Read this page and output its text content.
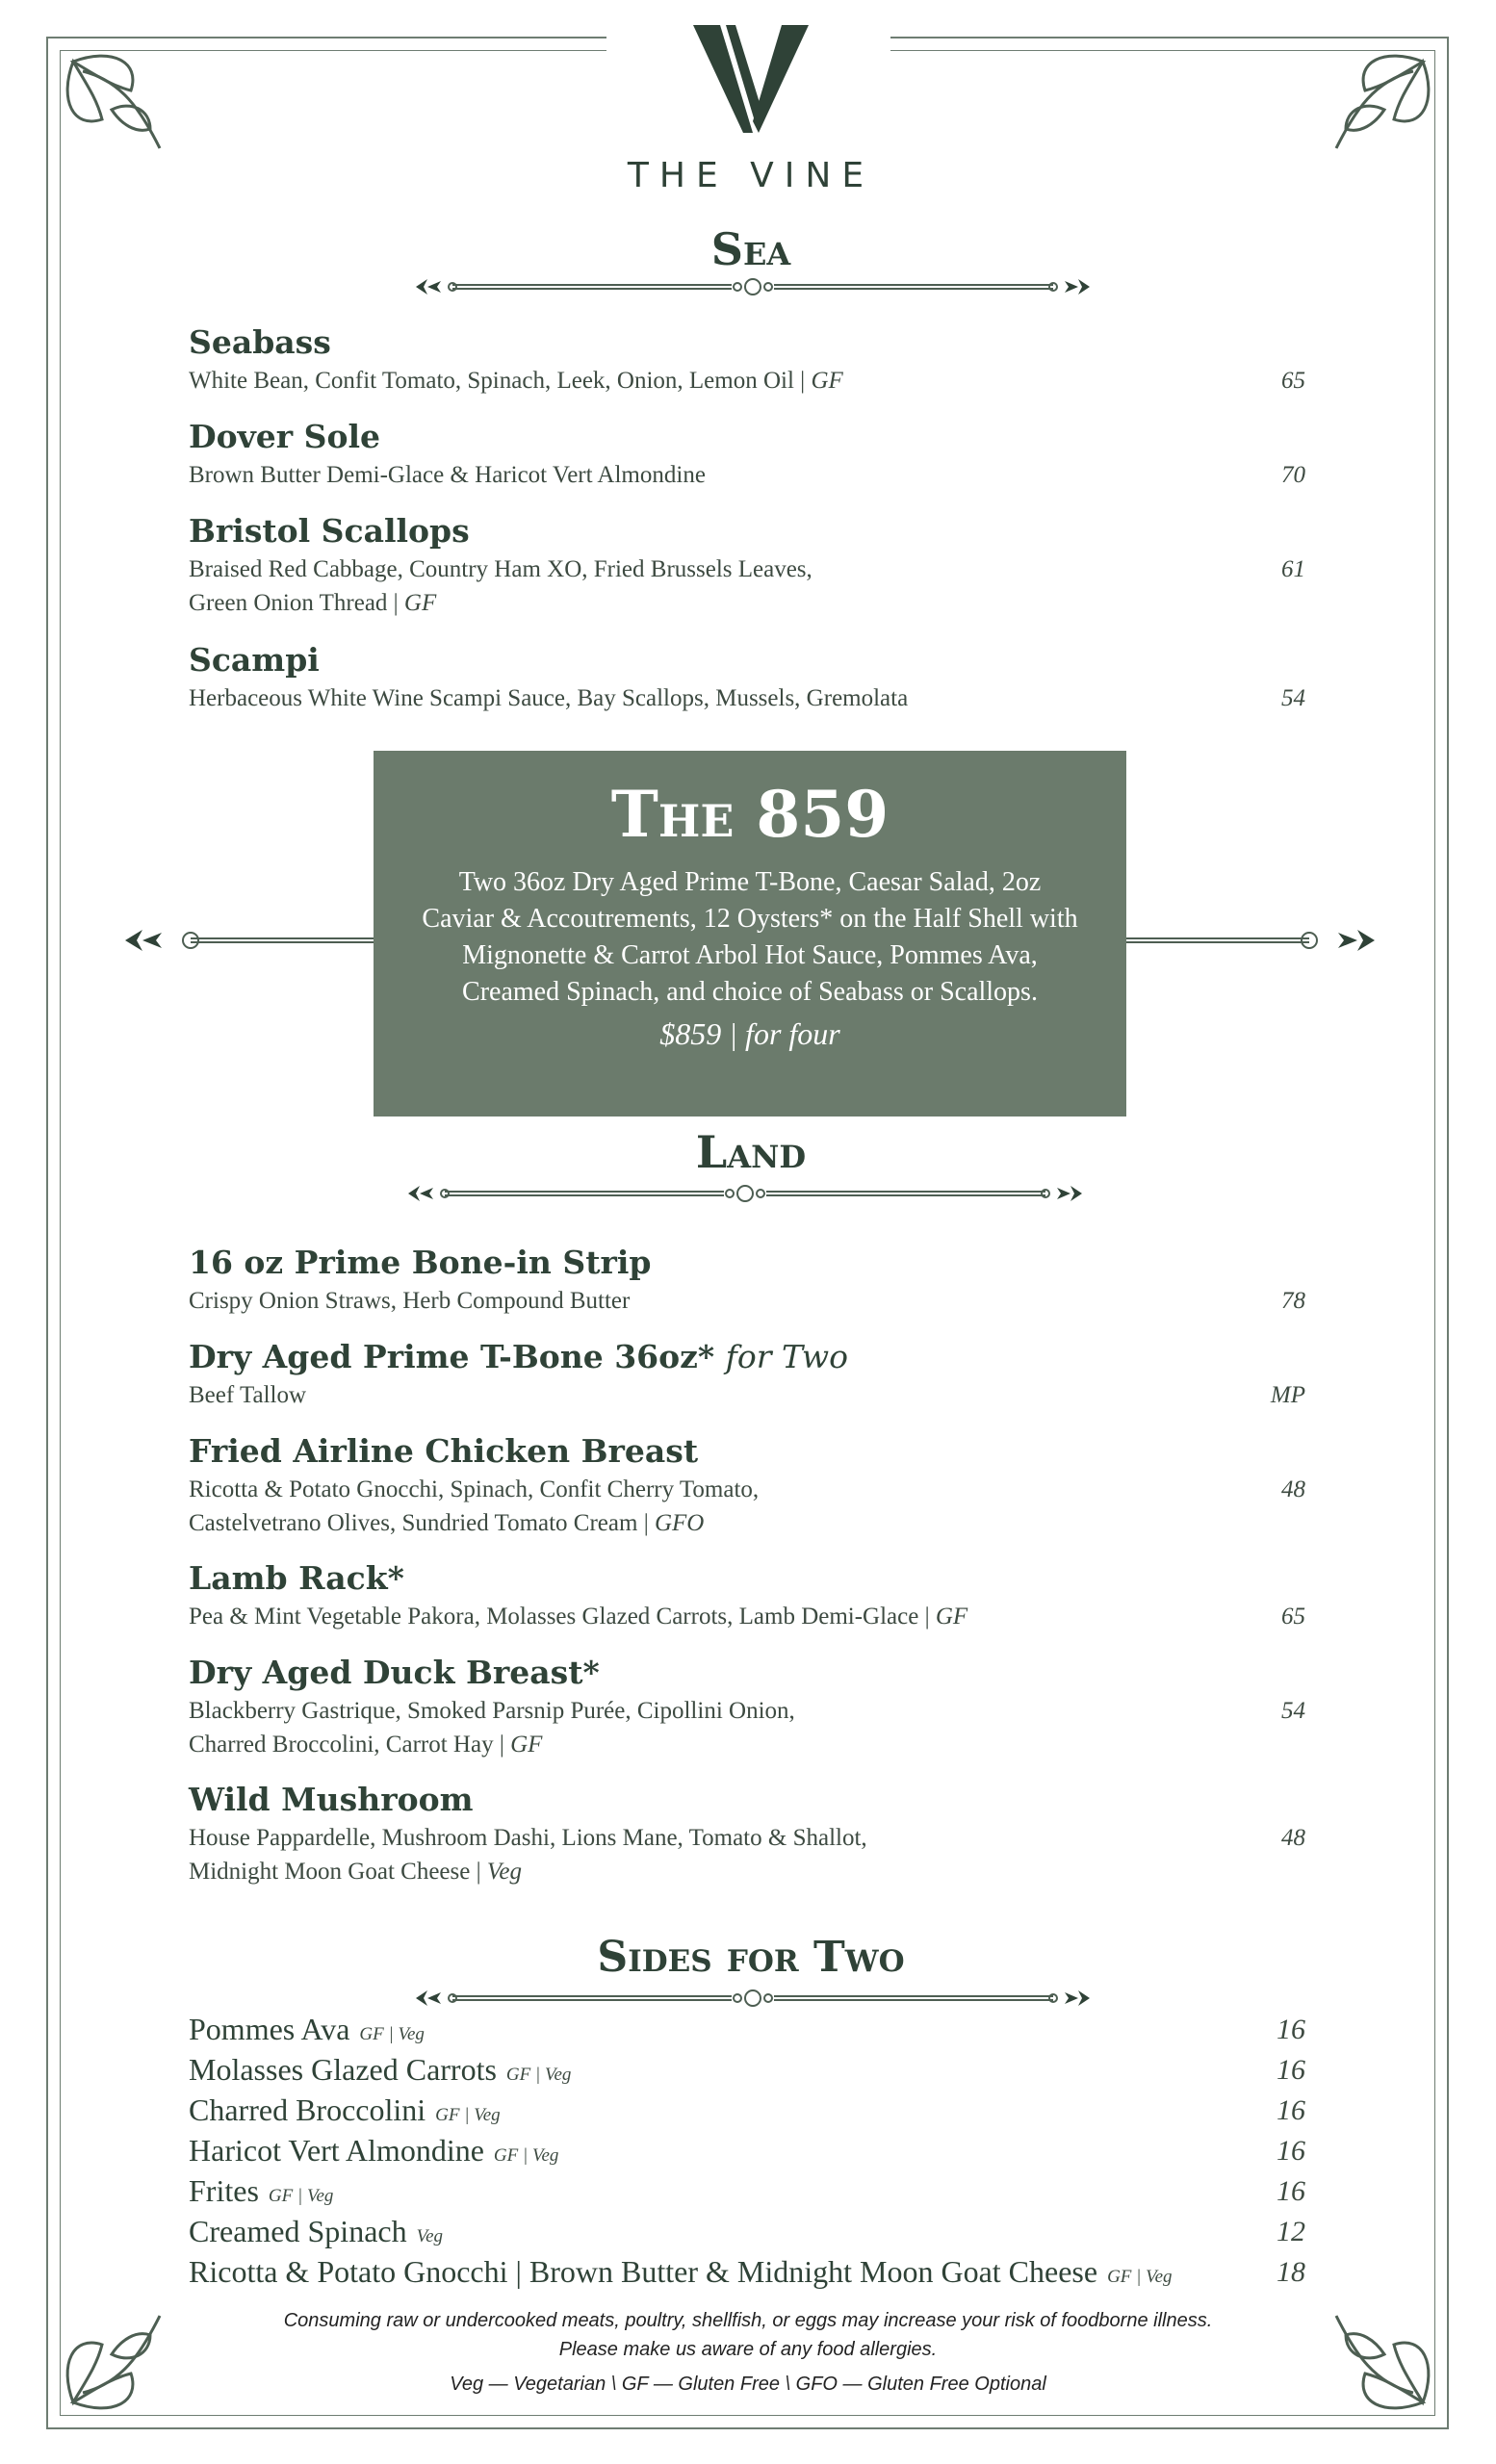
THE VINE
Sea
Seabass
White Bean, Confit Tomato, Spinach, Leek, Onion, Lemon Oil | GF	65
Dover Sole
Brown Butter Demi-Glace & Haricot Vert Almondine	70
Bristol Scallops
Braised Red Cabbage, Country Ham XO, Fried Brussels Leaves,
Green Onion Thread | GF
61
Scampi
Herbaceous White Wine Scampi Sauce, Bay Scallops, Mussels, Gremolata	54
The 859
Two 36oz Dry Aged Prime T-Bone, Caesar Salad, 2oz Caviar & Accoutrements, 12 Oysters* on the Half Shell with Mignonette & Carrot Arbol Hot Sauce, Pommes Ava, Creamed Spinach, and choice of Seabass or Scallops.
$859 | for four
Land
16 oz Prime Bone-in Strip
Crispy Onion Straws, Herb Compound Butter	78
Dry Aged Prime T-Bone 36oz* for Two
Beef Tallow	MP
Fried Airline Chicken Breast
Ricotta & Potato Gnocchi, Spinach, Confit Cherry Tomato,
Castelvetrano Olives, Sundried Tomato Cream | GFO
48
Lamb Rack*
Pea & Mint Vegetable Pakora, Molasses Glazed Carrots, Lamb Demi-Glace | GF	65
Dry Aged Duck Breast*
Blackberry Gastrique, Smoked Parsnip Purée, Cipollini Onion,
Charred Broccolini, Carrot Hay | GF
54
Wild Mushroom
House Pappardelle, Mushroom Dashi, Lions Mane, Tomato & Shallot,
Midnight Moon Goat Cheese | Veg
48
Sides for Two
Pommes Ava GF | Veg	16
Molasses Glazed Carrots GF | Veg	16
Charred Broccolini GF | Veg	16
Haricot Vert Almondine GF | Veg	16
Frites GF | Veg	16
Creamed Spinach Veg	12
Ricotta & Potato Gnocchi | Brown Butter & Midnight Moon Goat Cheese GF | Veg	18
Consuming raw or undercooked meats, poultry, shellfish, or eggs may increase your risk of foodborne illness.
Please make us aware of any food allergies.
Veg — Vegetarian \ GF — Gluten Free \ GFO — Gluten Free Optional
